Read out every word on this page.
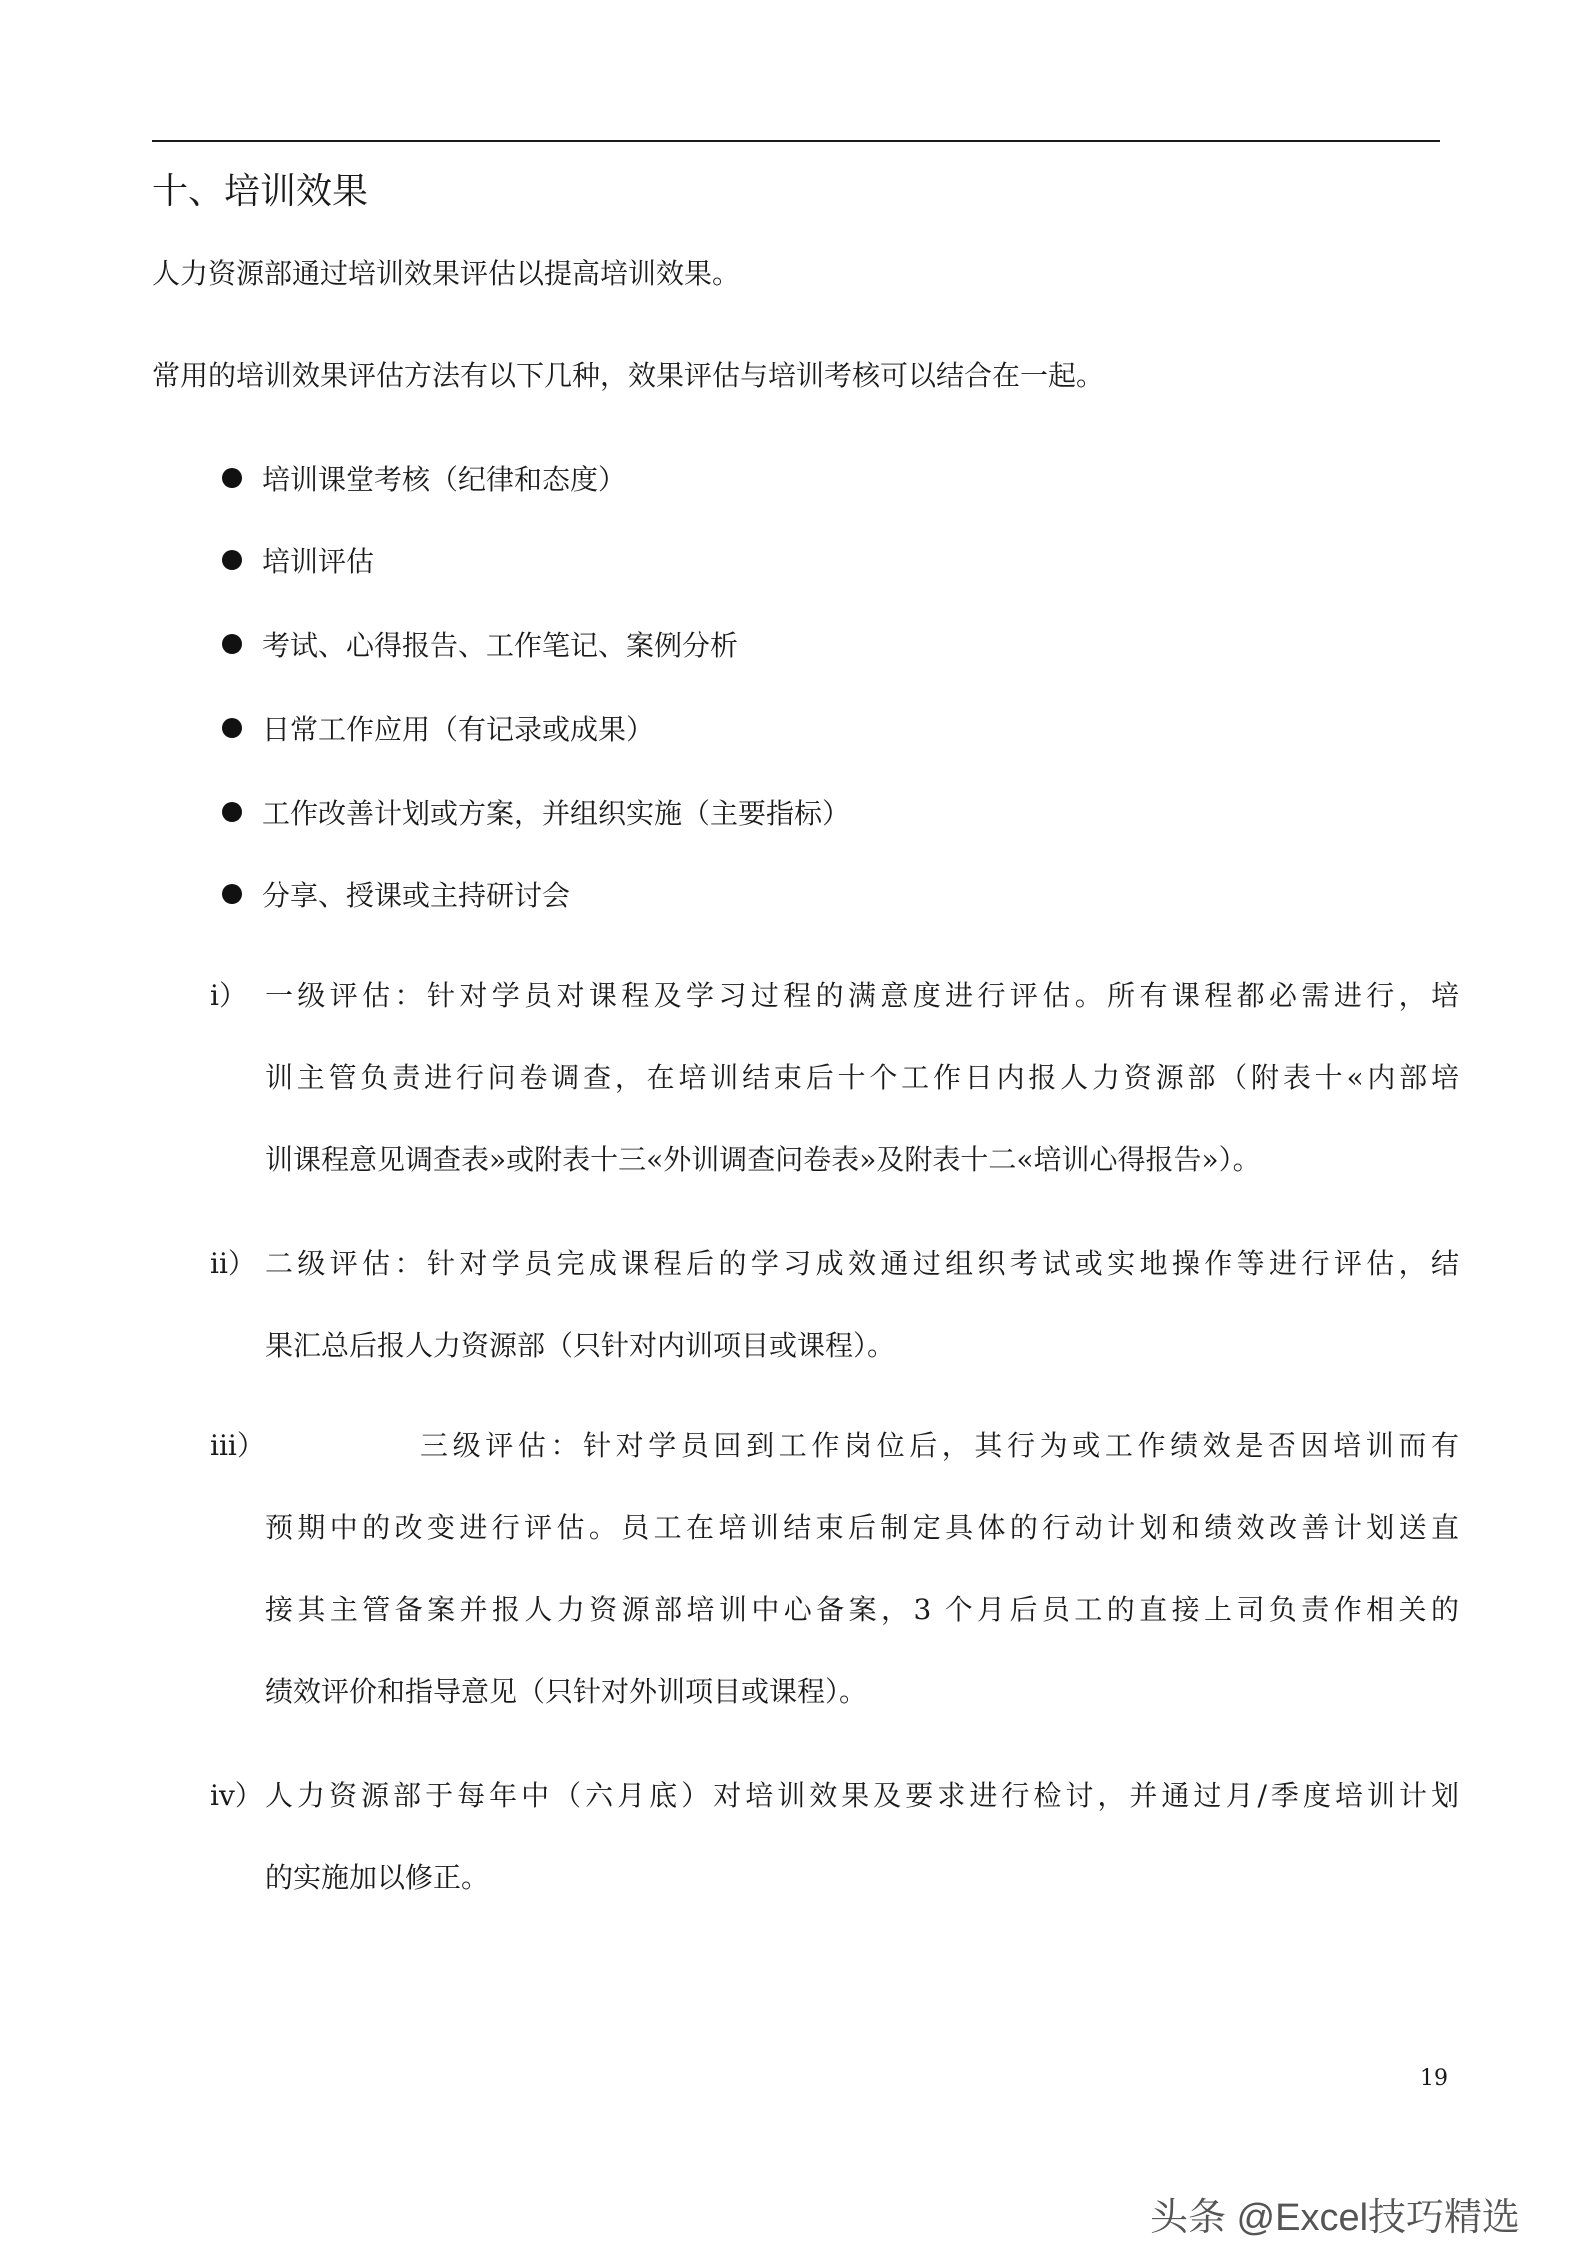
十、培训效果
人力资源部通过培训效果评估以提高培训效果。
常用的培训效果评估方法有以下几种，效果评估与培训考核可以结合在一起。
培训课堂考核（纪律和态度）
培训评估
考试、心得报告、工作笔记、案例分析
日常工作应用（有记录或成果）
工作改善计划或方案，并组织实施（主要指标）
分享、授课或主持研讨会
i） 一级评估：针对学员对课程及学习过程的满意度进行评估。所有课程都必需进行，培
训主管负责进行问卷调查，在培训结束后十个工作日内报人力资源部（附表十«内部培
训课程意见调查表»或附表十三«外训调查问卷表»及附表十二«培训心得报告»）。
ii） 二级评估：针对学员完成课程后的学习成效通过组织考试或实地操作等进行评估，结
果汇总后报人力资源部（只针对内训项目或课程）。
iii）	三级评估：针对学员回到工作岗位后，其行为或工作绩效是否因培训而有
预期中的改变进行评估。员工在培训结束后制定具体的行动计划和绩效改善计划送直
接其主管备案并报人力资源部培训中心备案，3 个月后员工的直接上司负责作相关的
绩效评价和指导意见（只针对外训项目或课程）。
iv） 人力资源部于每年中（六月底）对培训效果及要求进行检讨，并通过月/季度培训计划
的实施加以修正。
19
头条 @Excel技巧精选
